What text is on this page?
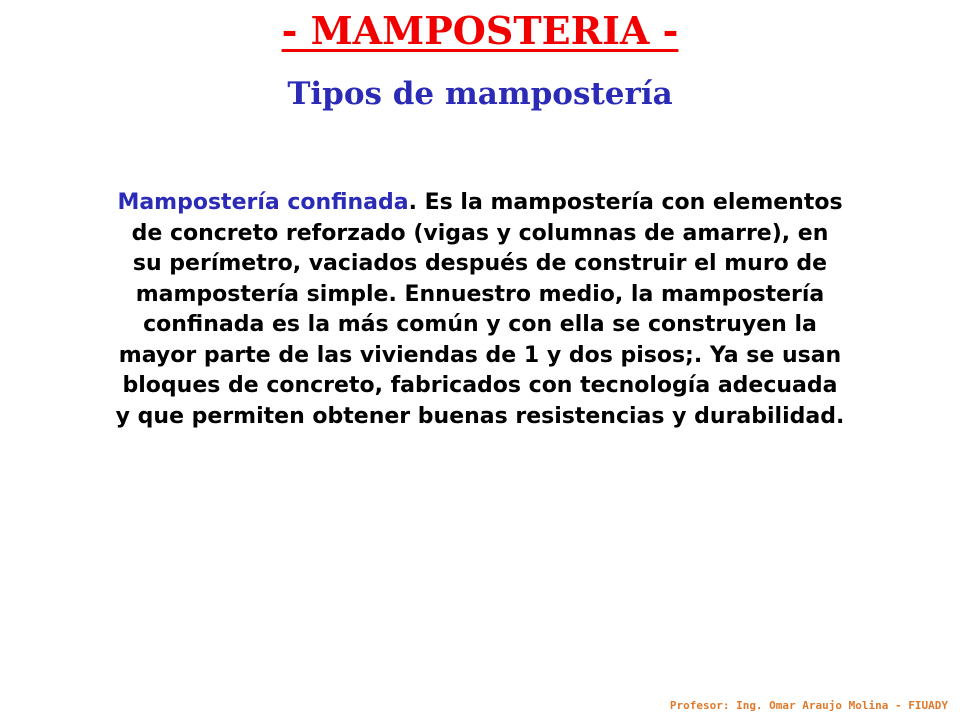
- MAMPOSTERIA -
Tipos de mampostería
Mampostería confinada. Es la mampostería con elementos
de concreto reforzado (vigas y columnas de amarre), en
su perímetro, vaciados después de construir el muro de
mampostería simple. Ennuestro medio, la mampostería
confinada es la más común y con ella se construyen la
mayor parte de las viviendas de 1 y dos pisos;. Ya se usan
bloques de concreto, fabricados con tecnología adecuada
y que permiten obtener buenas resistencias y durabilidad.
Profesor: Ing. Omar Araujo Molina - FIUADY
